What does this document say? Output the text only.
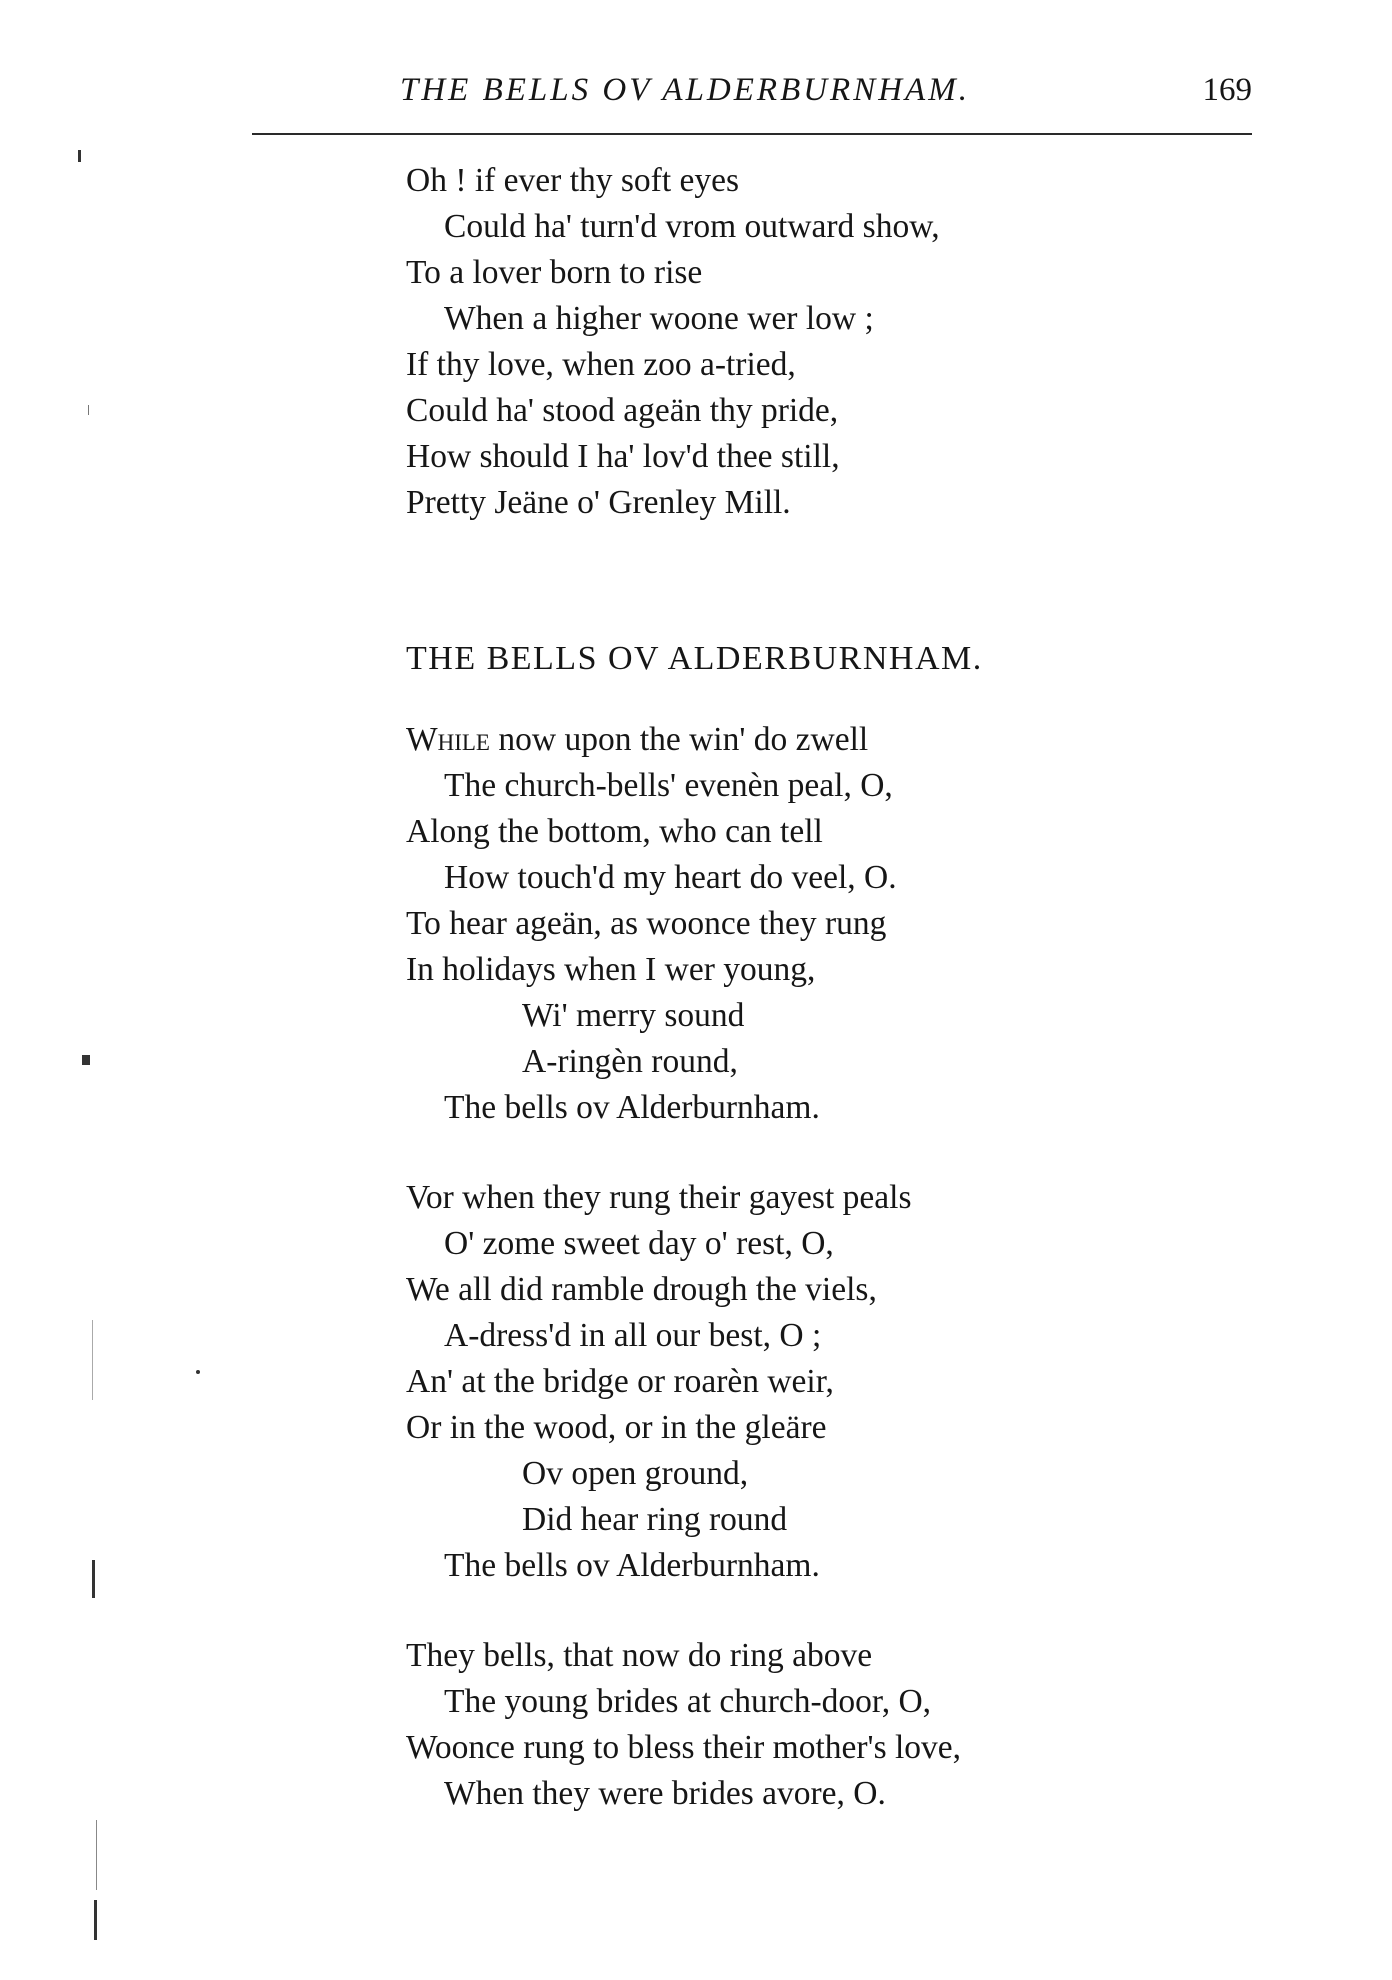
THE BELLS OV ALDERBURNHAM.	169
Oh ! if ever thy soft eyes
Could ha' turn'd vrom outward show,
To a lover born to rise
When a higher woone wer low ;
If thy love, when zoo a-tried,
Could ha' stood ageän thy pride,
How should I ha' lov'd thee still,
Pretty Jeäne o' Grenley Mill.
THE BELLS OV ALDERBURNHAM.
While now upon the win' do zwell
The church-bells' evenèn peal, O,
Along the bottom, who can tell
How touch'd my heart do veel, O.
To hear ageän, as woonce they rung
In holidays when I wer young,
Wi' merry sound
A-ringèn round,
The bells ov Alderburnham.
Vor when they rung their gayest peals
O' zome sweet day o' rest, O,
We all did ramble drough the viels,
A-dress'd in all our best, O ;
An' at the bridge or roarèn weir,
Or in the wood, or in the gleäre
Ov open ground,
Did hear ring round
The bells ov Alderburnham.
They bells, that now do ring above
The young brides at church-door, O,
Woonce rung to bless their mother's love,
When they were brides avore, O.
